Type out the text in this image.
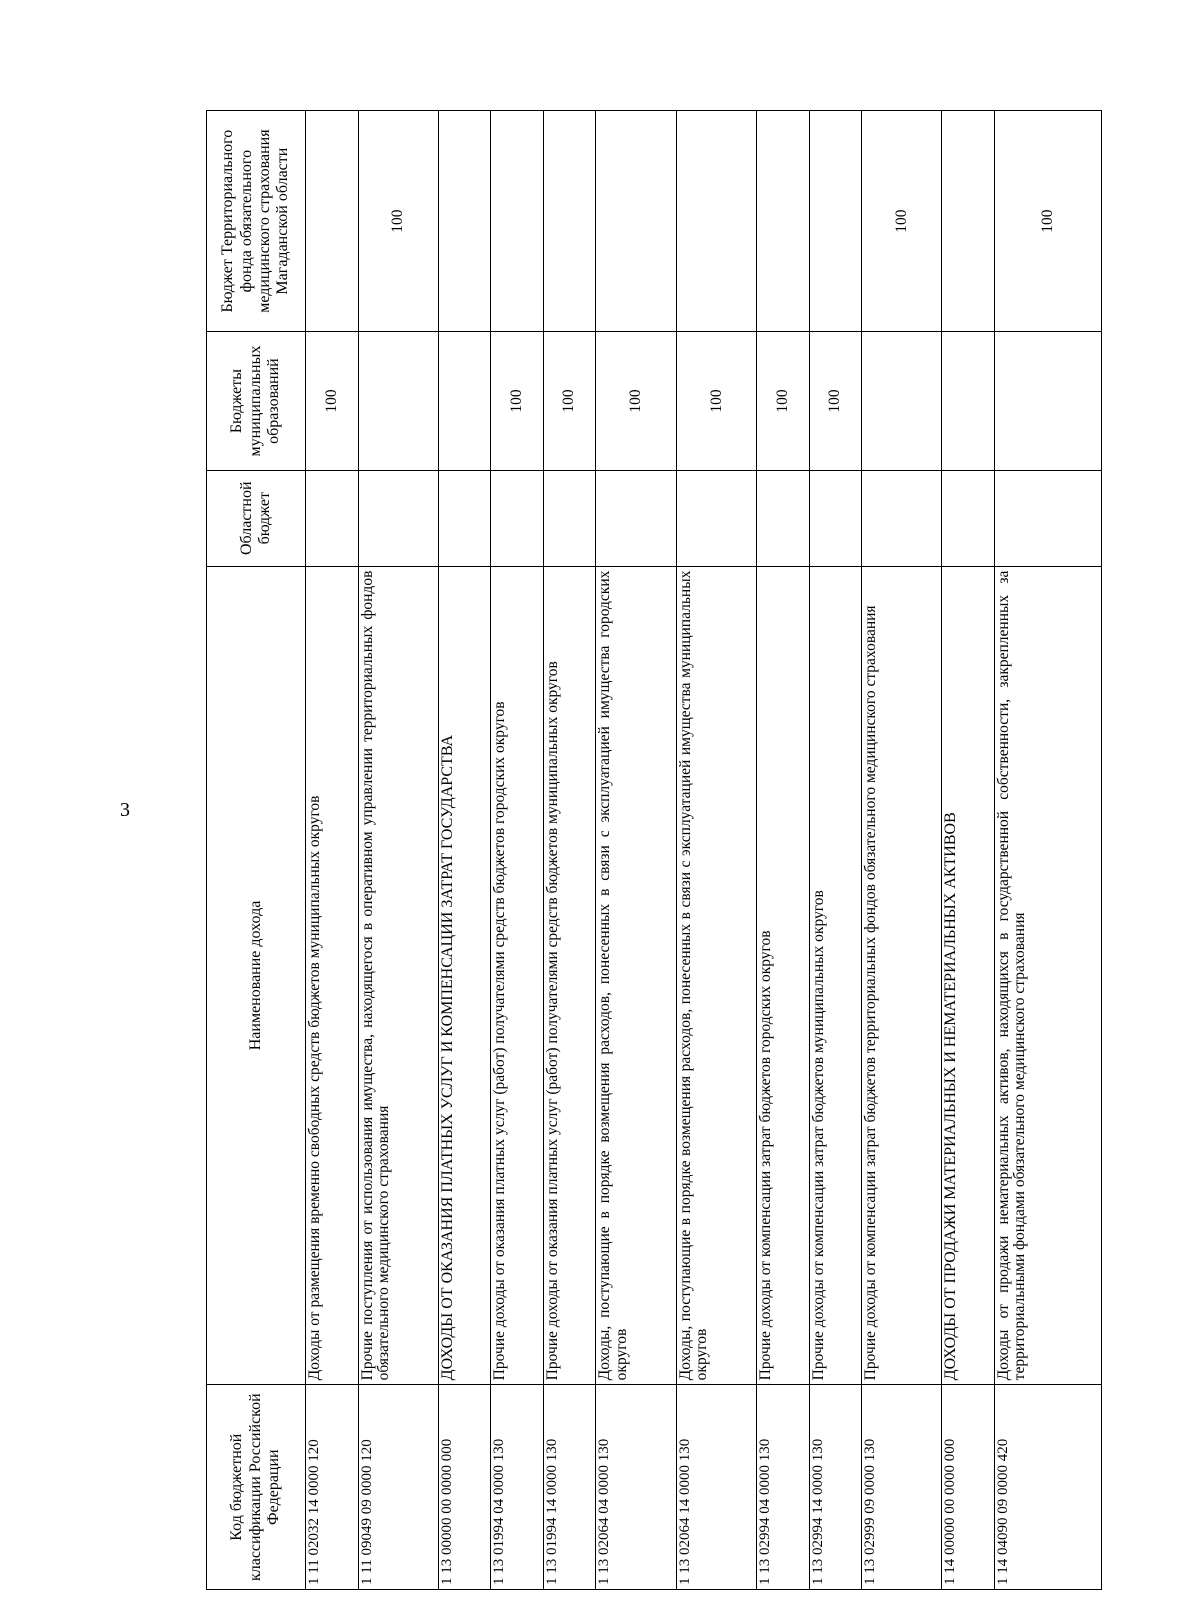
3
Код бюджетной классификации Российской Федерации	Наименование дохода	Областной бюджет	Бюджеты муниципальных образований	Бюджет Территориального фонда обязательного медицинского страхования Магаданской области
1 11 02032 14 0000 120	Доходы от размещения временно свободных средств бюджетов муниципальных округов		100	
1 11 09049 09 0000 120	Прочие поступления от использования имущества, находящегося в оперативном управлении территориальных фондов обязательного медицинского страхования			100
1 13 00000 00 0000 000	ДОХОДЫ ОТ ОКАЗАНИЯ ПЛАТНЫХ УСЛУГ И КОМПЕНСАЦИИ ЗАТРАТ ГОСУДАРСТВА			
1 13 01994 04 0000 130	Прочие доходы от оказания платных услуг (работ) получателями средств бюджетов городских округов		100	
1 13 01994 14 0000 130	Прочие доходы от оказания платных услуг (работ) получателями средств бюджетов муниципальных округов		100	
1 13 02064 04 0000 130	Доходы, поступающие в порядке возмещения расходов, понесенных в связи с эксплуатацией имущества городских округов		100	
1 13 02064 14 0000 130	Доходы, поступающие в порядке возмещения расходов, понесенных в связи с эксплуатацией имущества муниципальных округов		100	
1 13 02994 04 0000 130	Прочие доходы от компенсации затрат бюджетов городских округов		100	
1 13 02994 14 0000 130	Прочие доходы от компенсации затрат бюджетов муниципальных округов		100	
1 13 02999 09 0000 130	Прочие доходы от компенсации затрат бюджетов территориальных фондов обязательного медицинского страхования			100
1 14 00000 00 0000 000	ДОХОДЫ ОТ ПРОДАЖИ МАТЕРИАЛЬНЫХ И НЕМАТЕРИАЛЬНЫХ АКТИВОВ			
1 14 04090 09 0000 420	Доходы от продажи нематериальных активов, находящихся в государственной собственности, закрепленных за территориальными фондами обязательного медицинского страхования			100
